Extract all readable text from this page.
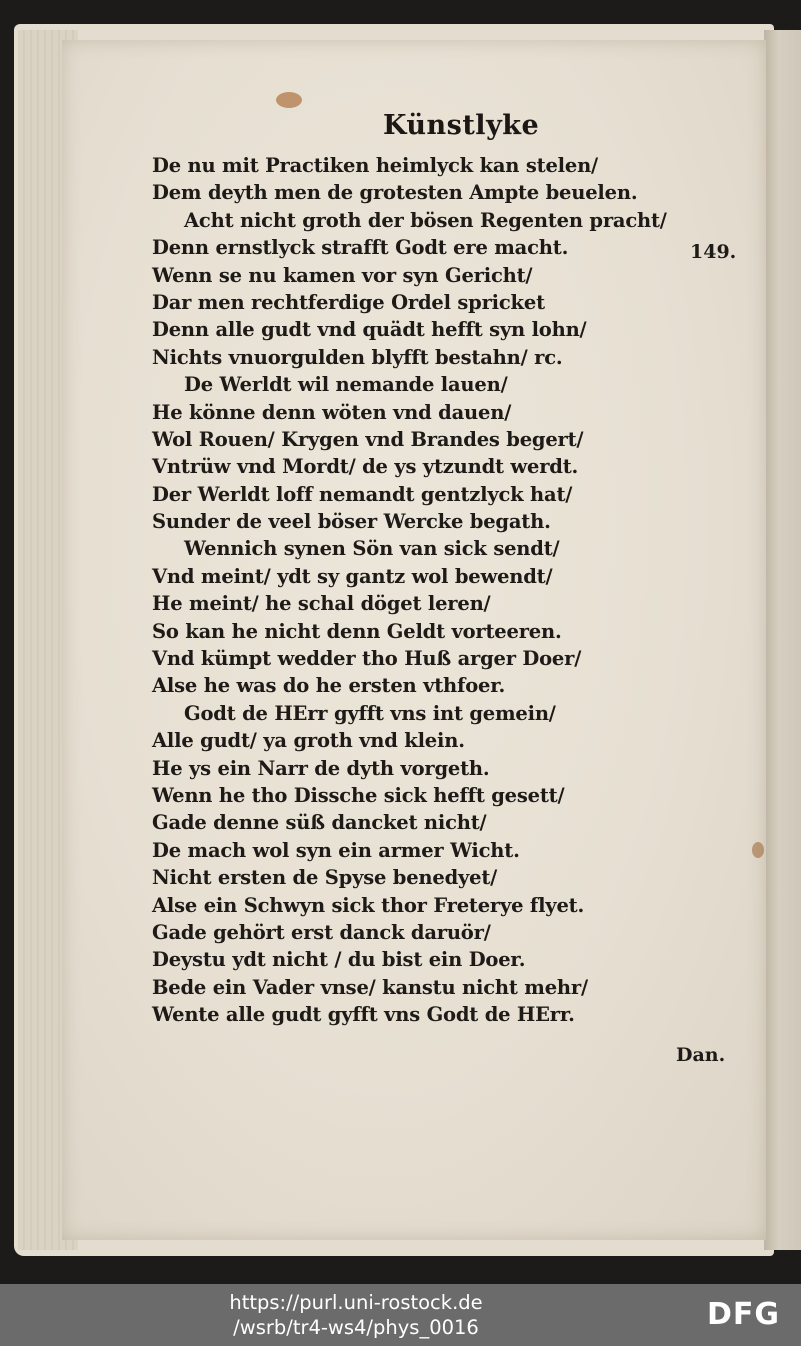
Künstlyke
149.
De nu mit Practiken heimlyck kan stelen/
Dem deyth men de grotesten Ampte beuelen.
Acht nicht groth der bösen Regenten pracht/
Denn ernstlyck strafft Godt ere macht.
Wenn se nu kamen vor syn Gericht/
Dar men rechtferdige Ordel spricket
Denn alle gudt vnd quädt hefft syn lohn/
Nichts vnuorgulden blyfft bestahn/ rc.
De Werldt wil nemande lauen/
He könne denn wöten vnd dauen/
Wol Rouen/ Krygen vnd Brandes begert/
Vntrüw vnd Mordt/ de ys ytzundt werdt.
Der Werldt loff nemandt gentzlyck hat/
Sunder de veel böser Wercke begath.
Wennich synen Sön van sick sendt/
Vnd meint/ ydt sy gantz wol bewendt/
He meint/ he schal döget leren/
So kan he nicht denn Geldt vorteeren.
Vnd kümpt wedder tho Huß arger Doer/
Alse he was do he ersten vthfoer.
Godt de HErr gyfft vns int gemein/
Alle gudt/ ya groth vnd klein.
He ys ein Narr de dyth vorgeth.
Wenn he tho Dissche sick hefft gesett/
Gade denne süß dancket nicht/
De mach wol syn ein armer Wicht.
Nicht ersten de Spyse benedyet/
Alse ein Schwyn sick thor Freterye flyet.
Gade gehört erst danck daruör/
Deystu ydt nicht / du bist ein Doer.
Bede ein Vader vnse/ kanstu nicht mehr/
Wente alle gudt gyfft vns Godt de HErr.
Dan.
https://purl.uni-rostock.de
/wsrb/tr4-ws4/phys_0016	DFG
